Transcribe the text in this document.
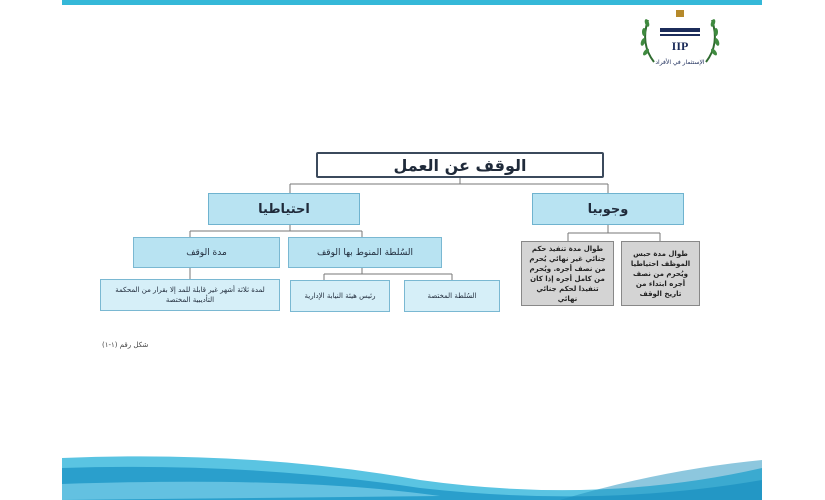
IIP
الإستثمار في الأفراد
الوقف عن العمل
احتياطيا	وجوبيا
مدة الوقف	السُلطة المنوط بها الوقف
لمدة ثلاثة أشهر غير قابلة للمد إلا بقرار من المحكمة التأديبية المختصة	رئيس هيئة النيابة الإدارية	السُلطة المختصة
طوال مدة تنفيذ حكم جنائي غير نهائي يُحرم من نصف أجره. ويُحرم من كامل أجره إذا كان تنفيذا لحكم جنائي نهائي
طوال مدة حبس الموظف احتياطيا ويُحرم من نصف أجره ابتداء من تاريخ الوقف
شكل رقم (١-١)
